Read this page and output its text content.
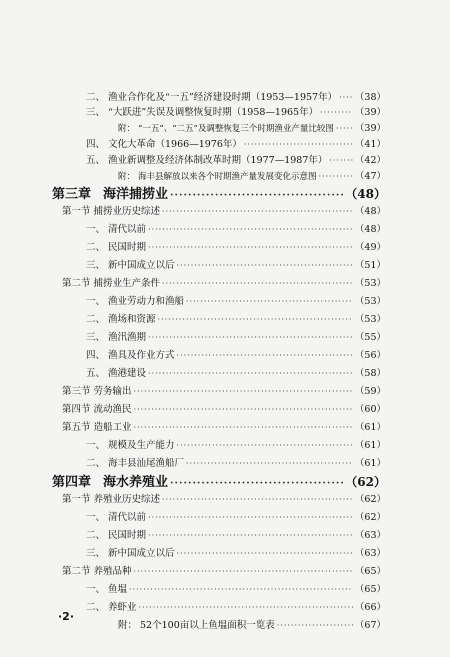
二、 渔业合作化及“一五”经济建设时期（1953—1957年） ····· （38）
三、 “大跃进”失误及调整恢复时期（1958—1965年） ·····	（39）
附： “一五”、“二五”及调整恢复三个时期渔业产量比较图 ····· （39）
四、 文化大革命（1966—1976年） ·····	（41）
五、 渔业新调整及经济体制改革时期（1977—1987年） ·····	（42）
附： 海丰县解放以来各个时期渔产量发展变化示意图 ·····	（47）
第三章 海洋捕捞业 ·····	（48）
第一节 捕捞业历史综述 ·····	（48）
一、 清代以前 ·····	（48）
二、 民国时期 ·····	（49）
三、 新中国成立以后 ·····	（51）
第二节 捕捞业生产条件 ·····	（53）
一、 渔业劳动力和渔船 ·····	（53）
二、 渔场和资源 ·····	（53）
三、 渔汛渔期 ·····	（55）
四、 渔具及作业方式 ·····	（56）
五、 渔港建设 ·····	（58）
第三节 劳务输出 ·····	（59）
第四节 流动渔民 ·····	（60）
第五节 造船工业 ·····	（61）
一、 规模及生产能力 ·····	（61）
二、 海丰县汕尾渔船厂 ·····	（61）
第四章 海水养殖业 ·····	（62）
第一节 养殖业历史综述 ·····	（62）
一、 清代以前 ·····	（62）
二、 民国时期 ·····	（63）
三、 新中国成立以后 ·····	（63）
第二节 养殖品种 ·····	（65）
一、 鱼塭 ·····	（65）
二、 养虾业 ·····	（66）
附： 52个100亩以上鱼塭面积一览表 ·····	（67）
·2·
